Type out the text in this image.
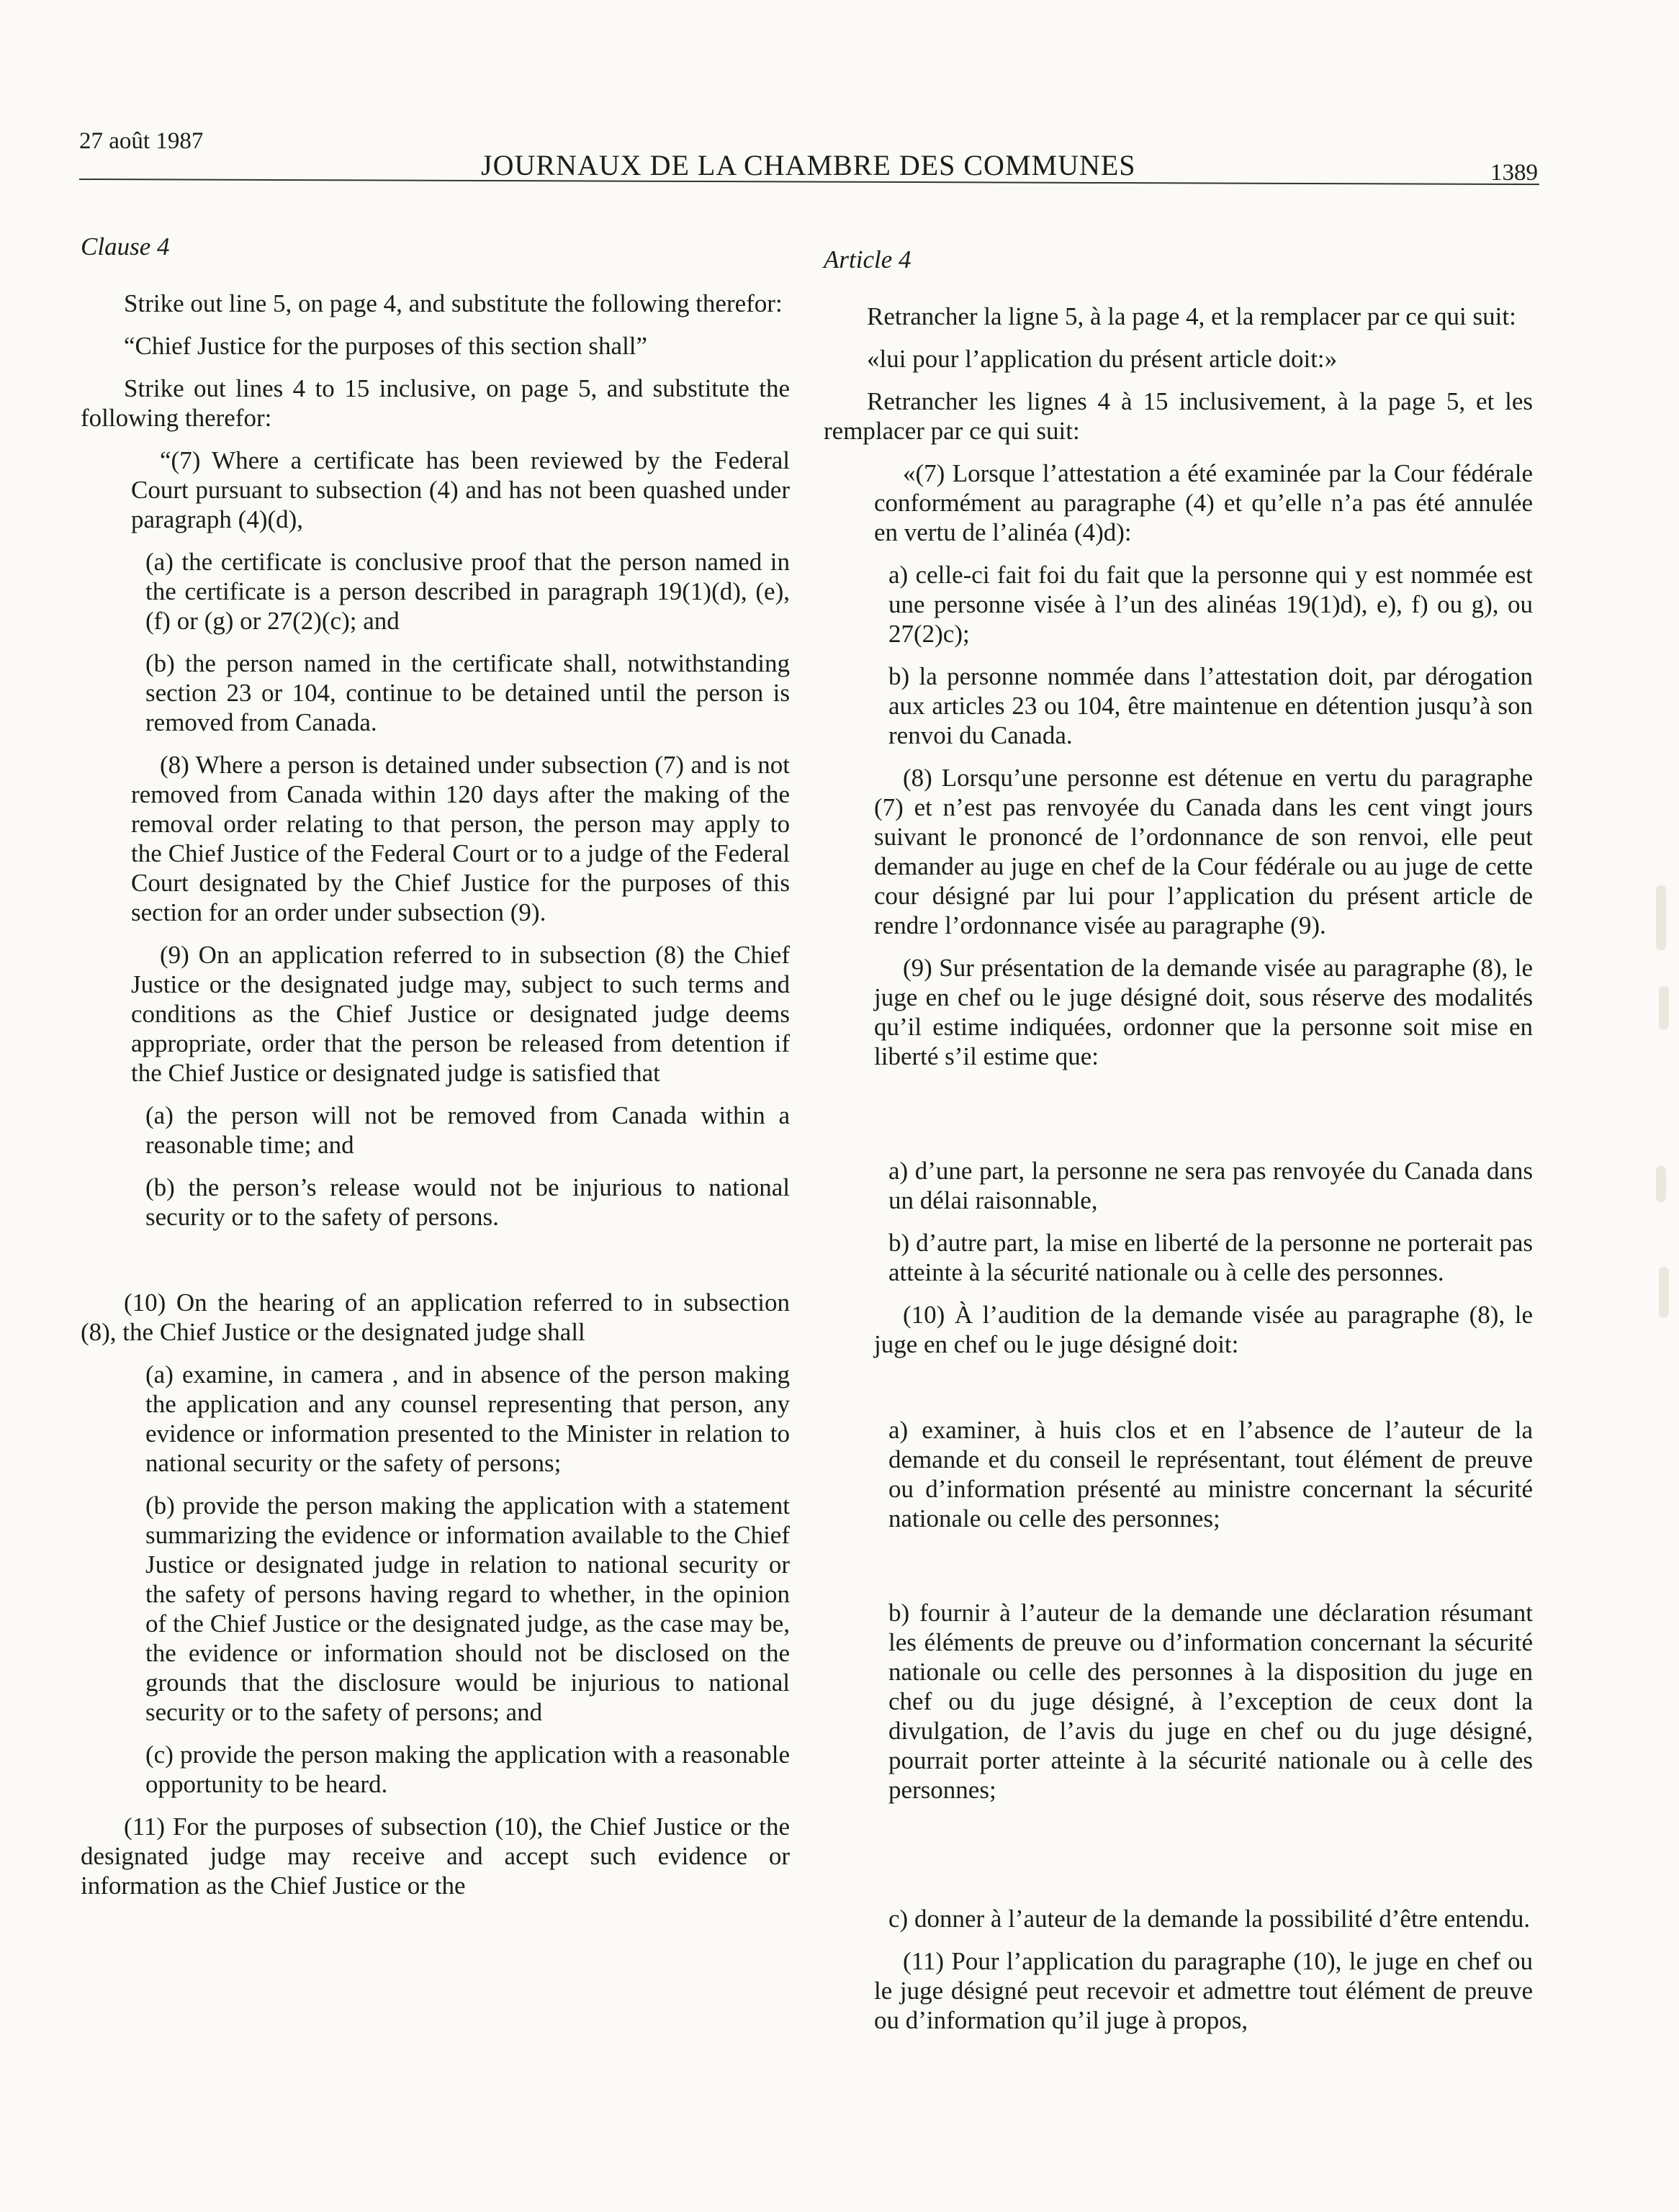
27 août 1987
JOURNAUX DE LA CHAMBRE DES COMMUNES	1389

Clause 4

Strike out line 5, on page 4, and substitute the following therefor:

“Chief Justice for the purposes of this section shall”

Strike out lines 4 to 15 inclusive, on page 5, and substitute the following therefor:

“(7) Where a certificate has been reviewed by the Federal Court pursuant to subsection (4) and has not been quashed under paragraph (4)(d),

(a) the certificate is conclusive proof that the person named in the certificate is a person described in paragraph 19(1)(d), (e), (f) or (g) or 27(2)(c); and

(b) the person named in the certificate shall, notwithstanding section 23 or 104, continue to be detained until the person is removed from Canada.

(8) Where a person is detained under subsection (7) and is not removed from Canada within 120 days after the making of the removal order relating to that person, the person may apply to the Chief Justice of the Federal Court or to a judge of the Federal Court designated by the Chief Justice for the purposes of this section for an order under subsection (9).

(9) On an application referred to in subsection (8) the Chief Justice or the designated judge may, subject to such terms and conditions as the Chief Justice or designated judge deems appropriate, order that the person be released from detention if the Chief Justice or designated judge is satisfied that

(a) the person will not be removed from Canada within a reasonable time; and

(b) the person’s release would not be injurious to national security or to the safety of persons.

(10) On the hearing of an application referred to in subsection (8), the Chief Justice or the designated judge shall

(a) examine, in camera , and in absence of the person making the application and any counsel representing that person, any evidence or information presented to the Minister in relation to national security or the safety of persons;

(b) provide the person making the application with a statement summarizing the evidence or information available to the Chief Justice or designated judge in relation to national security or the safety of persons having regard to whether, in the opinion of the Chief Justice or the designated judge, as the case may be, the evidence or information should not be disclosed on the grounds that the disclosure would be injurious to national security or to the safety of persons; and

(c) provide the person making the application with a reasonable opportunity to be heard.

(11) For the purposes of subsection (10), the Chief Justice or the designated judge may receive and accept such evidence or information as the Chief Justice or the

Article 4

Retrancher la ligne 5, à la page 4, et la remplacer par ce qui suit:

«lui pour l’application du présent article doit:»

Retrancher les lignes 4 à 15 inclusivement, à la page 5, et les remplacer par ce qui suit:

«(7) Lorsque l’attestation a été examinée par la Cour fédérale conformément au paragraphe (4) et qu’elle n’a pas été annulée en vertu de l’alinéa (4)d):

a) celle-ci fait foi du fait que la personne qui y est nommée est une personne visée à l’un des alinéas 19(1)d), e), f) ou g), ou 27(2)c);

b) la personne nommée dans l’attestation doit, par dérogation aux articles 23 ou 104, être maintenue en détention jusqu’à son renvoi du Canada.

(8) Lorsqu’une personne est détenue en vertu du paragraphe (7) et n’est pas renvoyée du Canada dans les cent vingt jours suivant le prononcé de l’ordonnance de son renvoi, elle peut demander au juge en chef de la Cour fédérale ou au juge de cette cour désigné par lui pour l’application du présent article de rendre l’ordonnance visée au paragraphe (9).

(9) Sur présentation de la demande visée au paragraphe (8), le juge en chef ou le juge désigné doit, sous réserve des modalités qu’il estime indiquées, ordonner que la personne soit mise en liberté s’il estime que:

a) d’une part, la personne ne sera pas renvoyée du Canada dans un délai raisonnable,

b) d’autre part, la mise en liberté de la personne ne porterait pas atteinte à la sécurité nationale ou à celle des personnes.

(10) À l’audition de la demande visée au paragraphe (8), le juge en chef ou le juge désigné doit:

a) examiner, à huis clos et en l’absence de l’auteur de la demande et du conseil le représentant, tout élément de preuve ou d’information présenté au ministre concernant la sécurité nationale ou celle des personnes;

b) fournir à l’auteur de la demande une déclaration résumant les éléments de preuve ou d’information concernant la sécurité nationale ou celle des personnes à la disposition du juge en chef ou du juge désigné, à l’exception de ceux dont la divulgation, de l’avis du juge en chef ou du juge désigné, pourrait porter atteinte à la sécurité nationale ou à celle des personnes;

c) donner à l’auteur de la demande la possibilité d’être entendu.

(11) Pour l’application du paragraphe (10), le juge en chef ou le juge désigné peut recevoir et admettre tout élément de preuve ou d’information qu’il juge à propos,
